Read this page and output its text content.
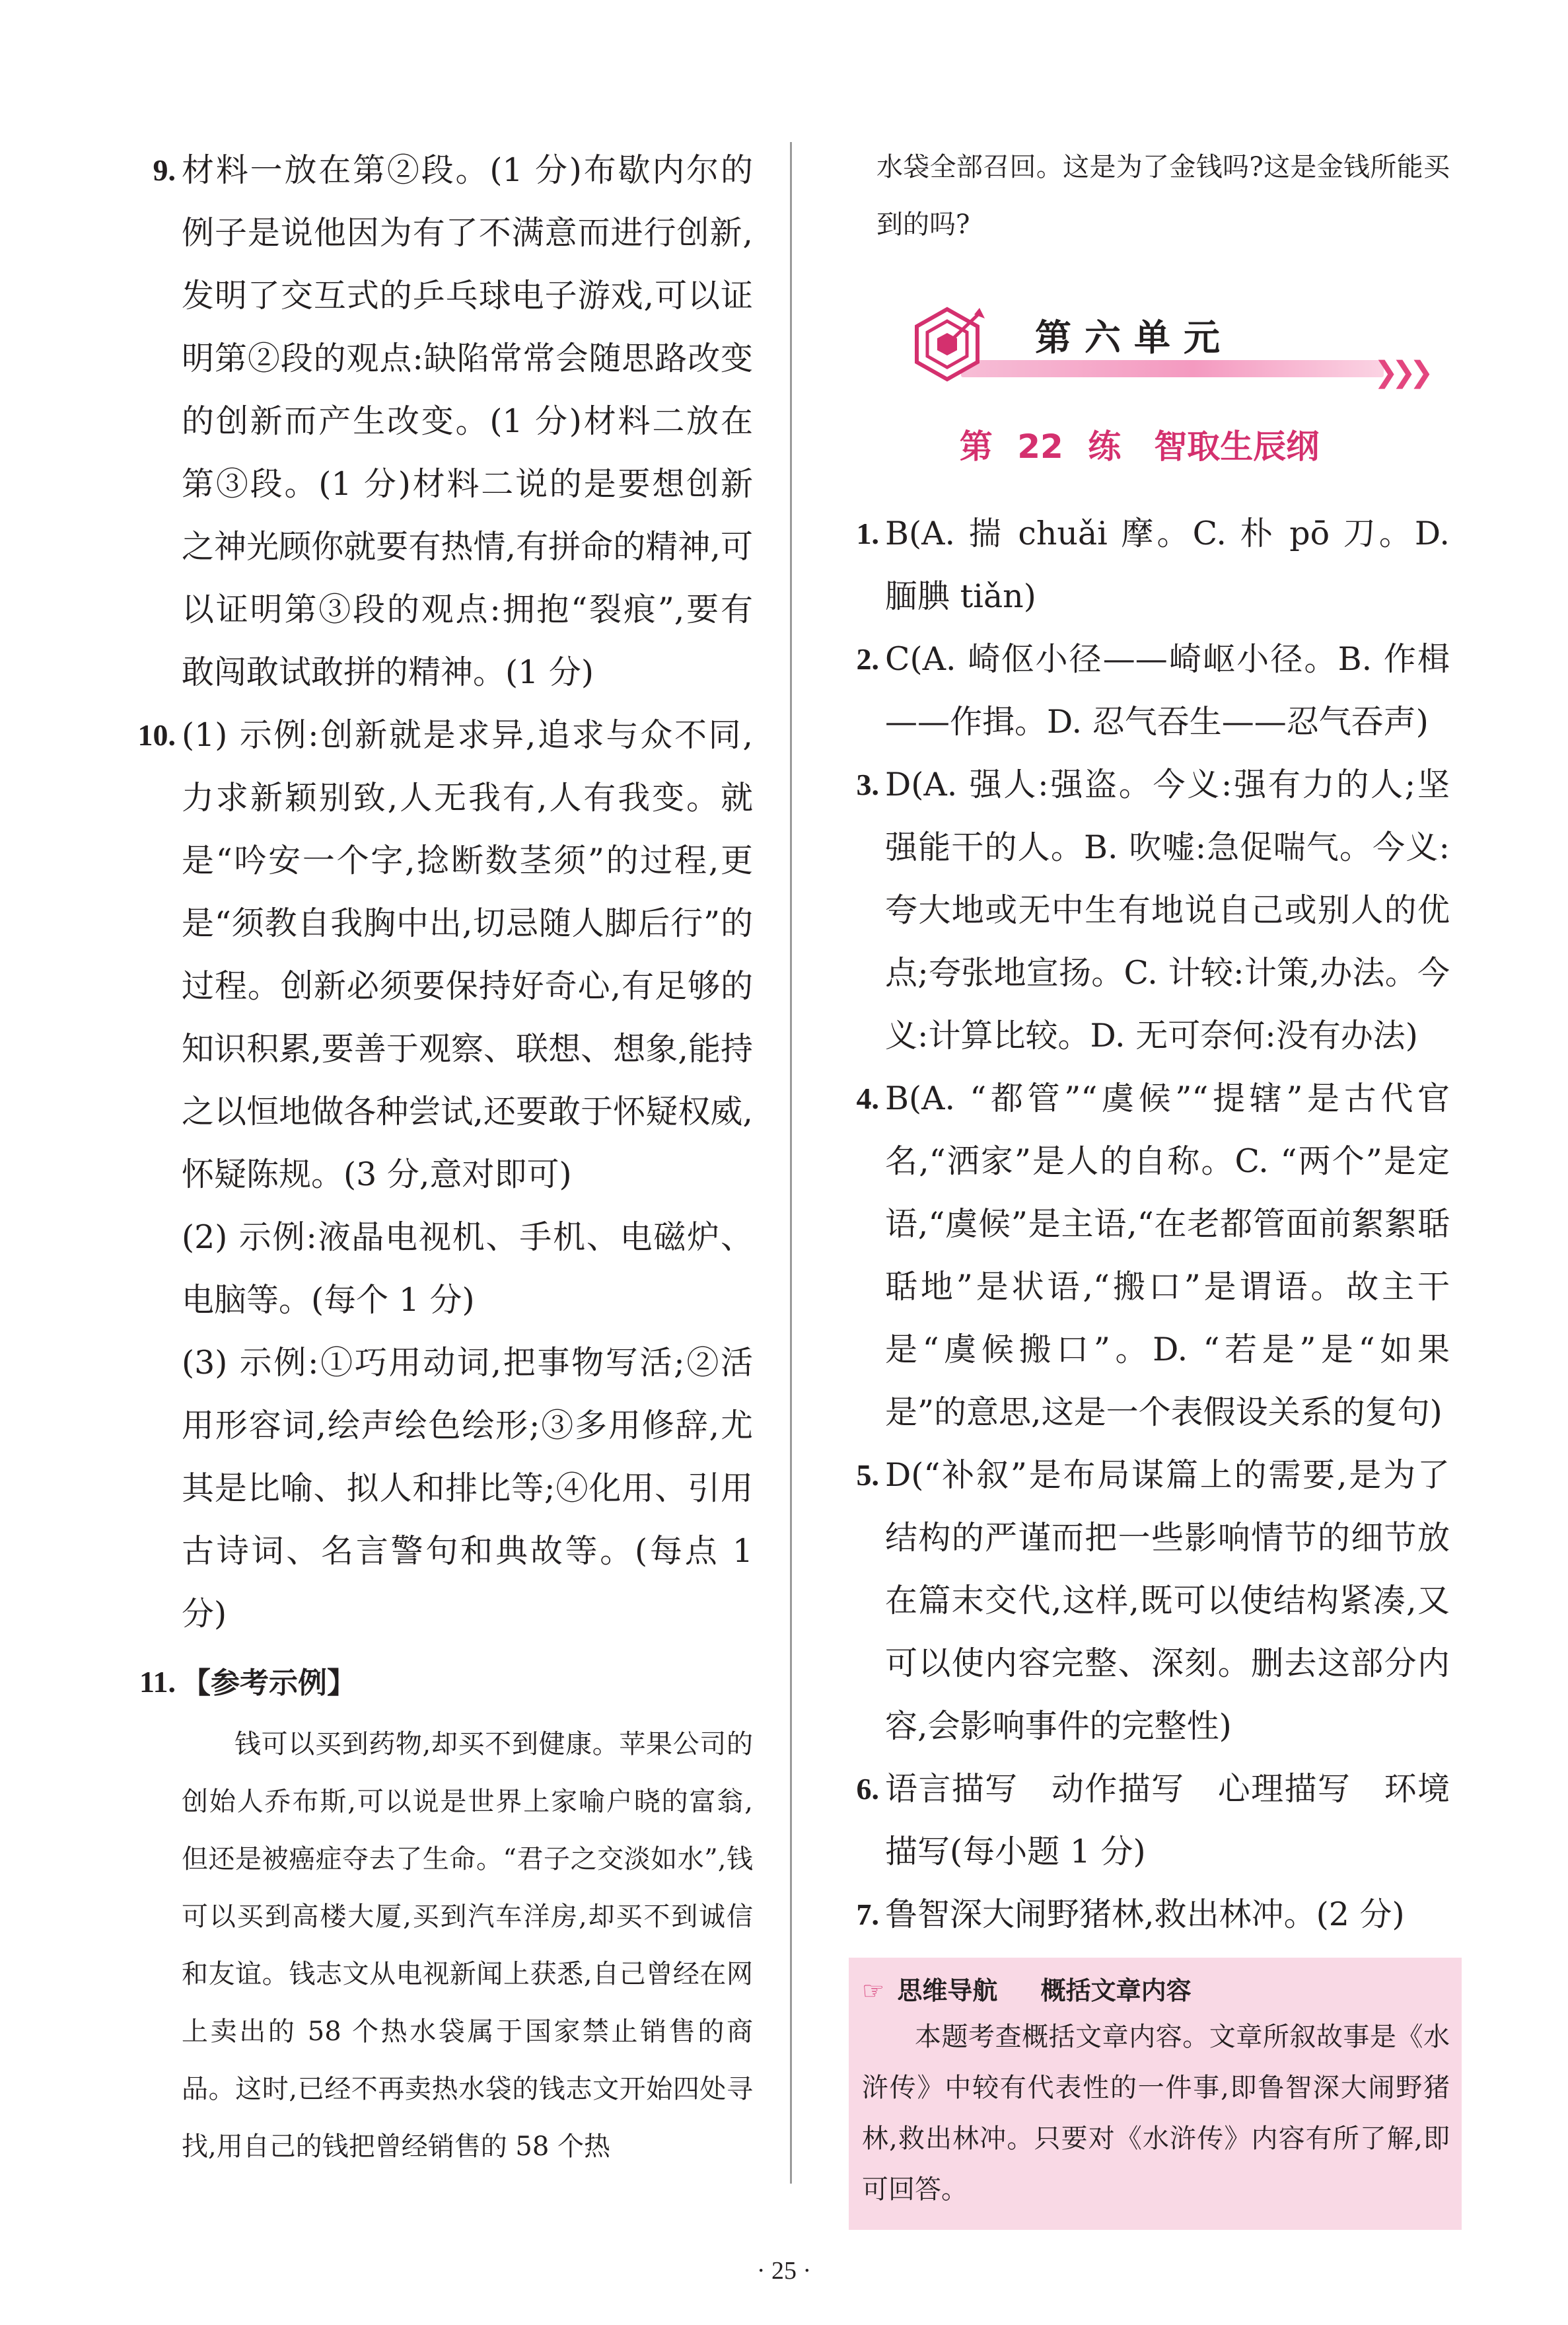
9. 材料一放在第②段。(1 分)布歇内尔的例子是说他因为有了不满意而进行创新,发明了交互式的乒乓球电子游戏,可以证明第②段的观点:缺陷常常会随思路改变的创新而产生改变。(1 分)材料二放在第③段。(1 分)材料二说的是要想创新之神光顾你就要有热情,有拼命的精神,可以证明第③段的观点:拥抱“裂痕”,要有敢闯敢试敢拼的精神。(1 分)

10. (1) 示例:创新就是求异,追求与众不同,力求新颖别致,人无我有,人有我变。就是“吟安一个字,捻断数茎须”的过程,更是“须教自我胸中出,切忌随人脚后行”的过程。创新必须要保持好奇心,有足够的知识积累,要善于观察、联想、想象,能持之以恒地做各种尝试,还要敢于怀疑权威,怀疑陈规。(3 分,意对即可)

(2) 示例:液晶电视机、手机、电磁炉、电脑等。(每个 1 分)

(3) 示例:①巧用动词,把事物写活;②活用形容词,绘声绘色绘形;③多用修辞,尤其是比喻、拟人和排比等;④化用、引用古诗词、名言警句和典故等。(每点 1 分)

11. 【参考示例】

钱可以买到药物,却买不到健康。苹果公司的创始人乔布斯,可以说是世界上家喻户晓的富翁,但还是被癌症夺去了生命。“君子之交淡如水”,钱可以买到高楼大厦,买到汽车洋房,却买不到诚信和友谊。钱志文从电视新闻上获悉,自己曾经在网上卖出的 58 个热水袋属于国家禁止销售的商品。这时,已经不再卖热水袋的钱志文开始四处寻找,用自己的钱把曾经销售的 58 个热

水袋全部召回。这是为了金钱吗?这是金钱所能买到的吗?

第六单元
❯❯❯
第 22 练　智取生辰纲
1. B(A. 揣 chuǎi 摩。C. 朴 pō 刀。D. 腼腆 tiǎn)

2. C(A. 崎伛小径——崎岖小径。B. 作楫——作揖。D. 忍气吞生——忍气吞声)

3. D(A. 强人:强盗。今义:强有力的人;坚强能干的人。B. 吹嘘:急促喘气。今义:夸大地或无中生有地说自己或别人的优点;夸张地宣扬。C. 计较:计策,办法。今义:计算比较。D. 无可奈何:没有办法)

4. B(A. “都管”“虞候”“提辖”是古代官名,“洒家”是人的自称。C. “两个”是定语,“虞候”是主语,“在老都管面前絮絮聒聒地”是状语,“搬口”是谓语。故主干是“虞候搬口”。D. “若是”是“如果是”的意思,这是一个表假设关系的复句)

5. D(“补叙”是布局谋篇上的需要,是为了结构的严谨而把一些影响情节的细节放在篇末交代,这样,既可以使结构紧凑,又可以使内容完整、深刻。删去这部分内容,会影响事件的完整性)

6. 语言描写　动作描写　心理描写　环境描写(每小题 1 分)

7. 鲁智深大闹野猪林,救出林冲。(2 分)

☞ 思维导航 概括文章内容
本题考查概括文章内容。文章所叙故事是《水浒传》中较有代表性的一件事,即鲁智深大闹野猪林,救出林冲。只要对《水浒传》内容有所了解,即可回答。
· 25 ·
